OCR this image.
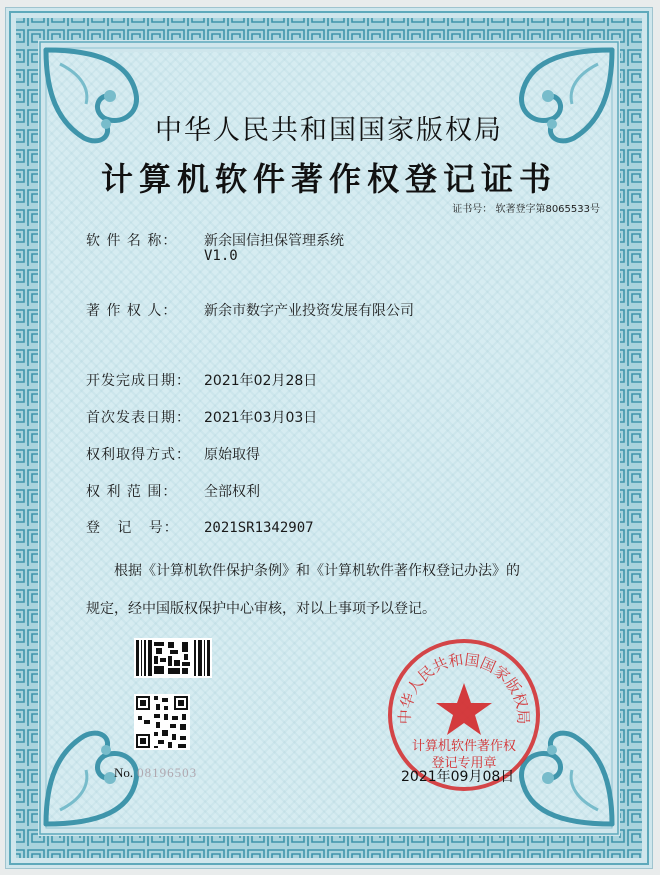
中华人民共和国国家版权局
计算机软件著作权登记证书
证书号： 软著登字第8065533号
软 件 名 称： 新余国信担保管理系统
V1.0
著 作 权 人： 新余市数字产业投资发展有限公司
开发完成日期： 2021年02月28日
首次发表日期： 2021年03月03日
权利取得方式： 原始取得
权 利 范 围： 全部权利
登   记   号： 2021SR1342907
根据《计算机软件保护条例》和《计算机软件著作权登记办法》的
规定，经中国版权保护中心审核，对以上事项予以登记。
No. 08196503
中华人民共和国国家版权局
计算机软件著作权
登记专用章
2021年09月08日
